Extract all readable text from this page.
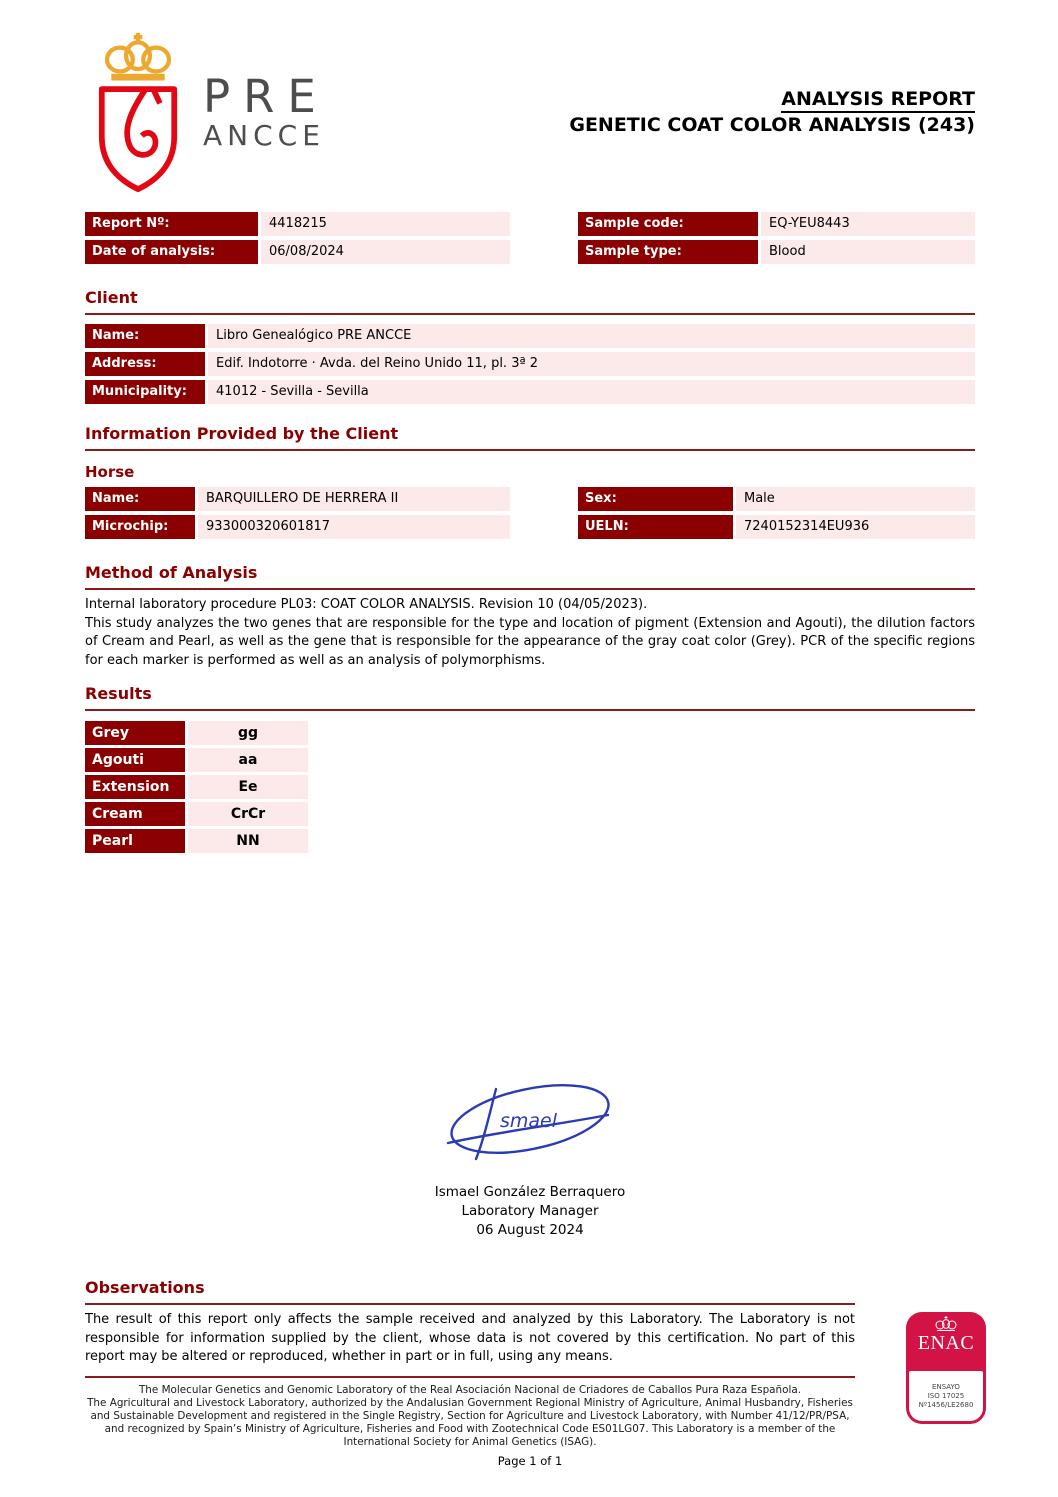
PRE
ANCCE
ANALYSIS REPORT
GENETIC COAT COLOR ANALYSIS (243)
Report Nº:	4418215
Date of analysis:	06/08/2024
Sample code:	EQ-YEU8443
Sample type:	Blood
Client
Name:	Libro Genealógico PRE ANCCE
Address:	Edif. Indotorre · Avda. del Reino Unido 11, pl. 3ª 2
Municipality:	41012 - Sevilla - Sevilla
Information Provided by the Client
Horse
Name:	BARQUILLERO DE HERRERA II
Microchip:	933000320601817
Sex:	Male
UELN:	7240152314EU936
Method of Analysis
Internal laboratory procedure PL03: COAT COLOR ANALYSIS. Revision 10 (04/05/2023).
This study analyzes the two genes that are responsible for the type and location of pigment (Extension and Agouti), the dilution factors of Cream and Pearl, as well as the gene that is responsible for the appearance of the gray coat color (Grey). PCR of the specific regions for each marker is performed as well as an analysis of polymorphisms.
Results
Grey	gg
Agouti	aa
Extension	Ee
Cream	CrCr
Pearl	NN
smael
Ismael González Berraquero
Laboratory Manager
06 August 2024
Observations
The result of this report only affects the sample received and analyzed by this Laboratory. The Laboratory is not responsible for information supplied by the client, whose data is not covered by this certification. No part of this report may be altered or reproduced, whether in part or in full, using any means.
The Molecular Genetics and Genomic Laboratory of the Real Asociación Nacional de Criadores de Caballos Pura Raza Española.
The Agricultural and Livestock Laboratory, authorized by the Andalusian Government Regional Ministry of Agriculture, Animal Husbandry, Fisheries and Sustainable Development and registered in the Single Registry, Section for Agriculture and Livestock Laboratory, with Number 41/12/PR/PSA, and recognized by Spain’s Ministry of Agriculture, Fisheries and Food with Zootechnical Code ES01LG07. This Laboratory is a member of the International Society for Animal Genetics (ISAG).
Page 1 of 1
ENAC
ENSAYO
ISO 17025
Nº1456/LE2680
